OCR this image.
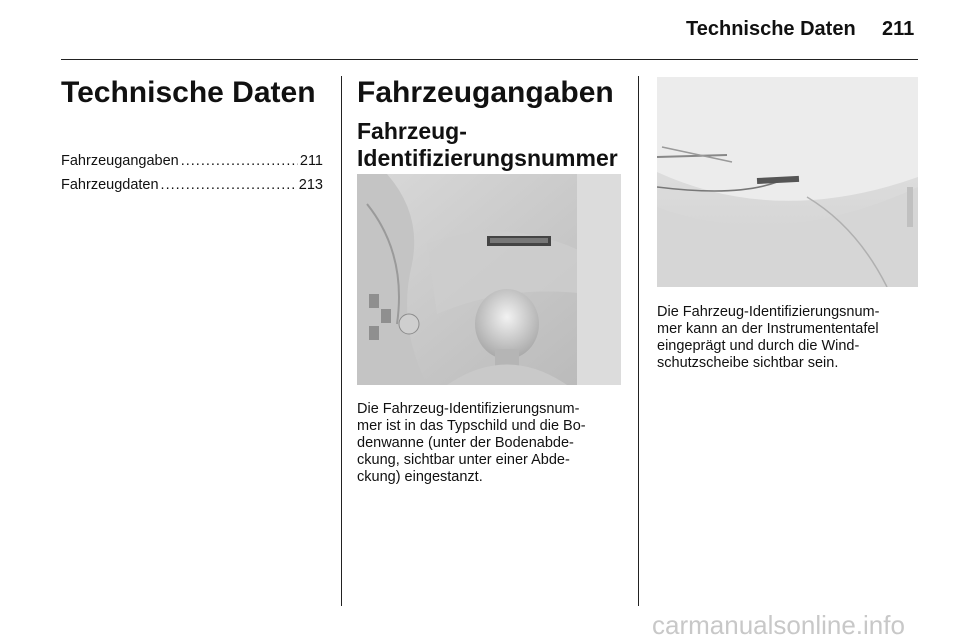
Technische Daten 211
Technische Daten
Fahrzeugangaben .....	211
Fahrzeugdaten .....	213
Fahrzeugangaben
Fahrzeug-
Identifizierungsnummer
Die Fahrzeug-Identifizierungsnum-
mer ist in das Typschild und die Bo-
denwanne (unter der Bodenabde-
ckung, sichtbar unter einer Abde-
ckung) eingestanzt.
Die Fahrzeug-Identifizierungsnum-
mer kann an der Instrumententafel
eingeprägt und durch die Wind-
schutzscheibe sichtbar sein.
carmanualsonline.info
